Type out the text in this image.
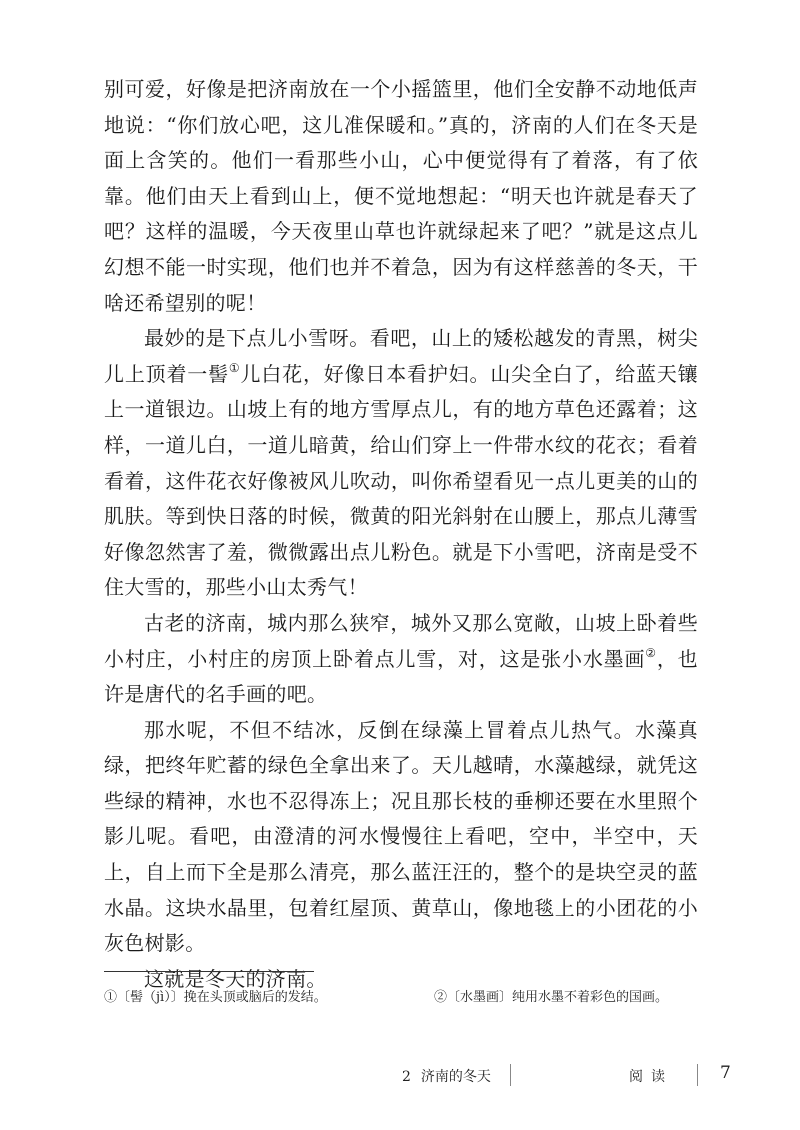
别可爱，好像是把济南放在一个小摇篮里，他们全安静不动地低声地说：“你们放心吧，这儿准保暖和。”真的，济南的人们在冬天是面上含笑的。他们一看那些小山，心中便觉得有了着落，有了依靠。他们由天上看到山上，便不觉地想起：“明天也许就是春天了吧？这样的温暖，今天夜里山草也许就绿起来了吧？”就是这点儿幻想不能一时实现，他们也并不着急，因为有这样慈善的冬天，干啥还希望别的呢！

最妙的是下点儿小雪呀。看吧，山上的矮松越发的青黑，树尖儿上顶着一髻①儿白花，好像日本看护妇。山尖全白了，给蓝天镶上一道银边。山坡上有的地方雪厚点儿，有的地方草色还露着；这样，一道儿白，一道儿暗黄，给山们穿上一件带水纹的花衣；看着看着，这件花衣好像被风儿吹动，叫你希望看见一点儿更美的山的肌肤。等到快日落的时候，微黄的阳光斜射在山腰上，那点儿薄雪好像忽然害了羞，微微露出点儿粉色。就是下小雪吧，济南是受不住大雪的，那些小山太秀气！

古老的济南，城内那么狭窄，城外又那么宽敞，山坡上卧着些小村庄，小村庄的房顶上卧着点儿雪，对，这是张小水墨画②，也许是唐代的名手画的吧。

那水呢，不但不结冰，反倒在绿藻上冒着点儿热气。水藻真绿，把终年贮蓄的绿色全拿出来了。天儿越晴，水藻越绿，就凭这些绿的精神，水也不忍得冻上；况且那长枝的垂柳还要在水里照个影儿呢。看吧，由澄清的河水慢慢往上看吧，空中，半空中，天上，自上而下全是那么清亮，那么蓝汪汪的，整个的是块空灵的蓝水晶。这块水晶里，包着红屋顶、黄草山，像地毯上的小团花的小灰色树影。

这就是冬天的济南。

①〔髻（jì）〕挽在头顶或脑后的发结。	②〔水墨画〕纯用水墨不着彩色的国画。
2 济南的冬天	阅读	7
